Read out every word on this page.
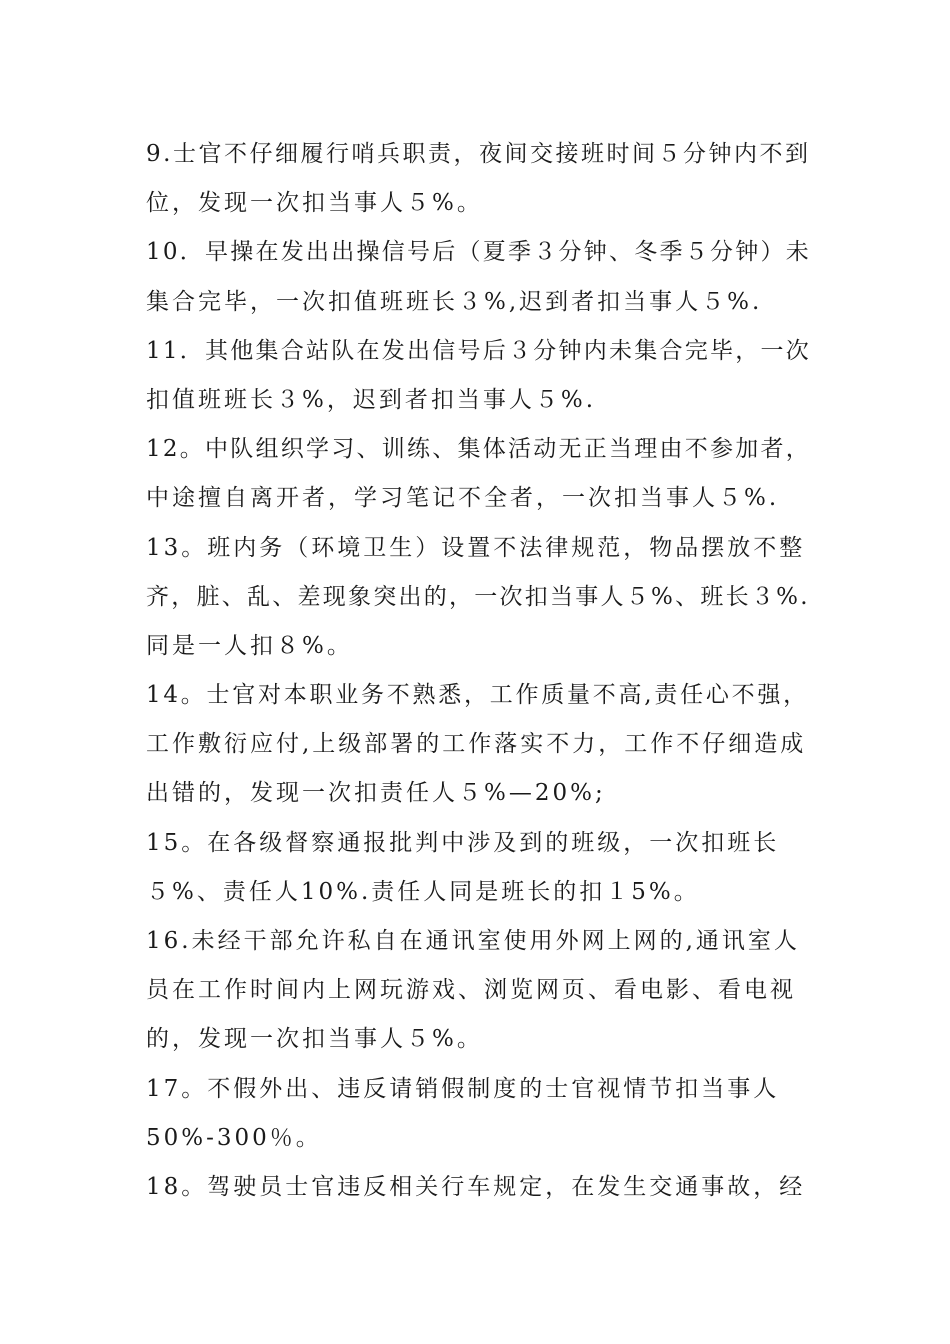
9.士官不仔细履行哨兵职责，夜间交接班时间５分钟内不到
位，发现一次扣当事人５%。
10．早操在发出出操信号后（夏季３分钟、冬季５分钟）未
集合完毕，一次扣值班班长３%,迟到者扣当事人５%.
11．其他集合站队在发出信号后３分钟内未集合完毕，一次
扣值班班长３%，迟到者扣当事人５%.
12。中队组织学习、训练、集体活动无正当理由不参加者，
中途擅自离开者，学习笔记不全者，一次扣当事人５%.
13。班内务（环境卫生）设置不法律规范，物品摆放不整
齐，脏、乱、差现象突出的，一次扣当事人５%、班长３%.
同是一人扣８%。
14。士官对本职业务不熟悉，工作质量不高,责任心不强，
工作敷衍应付,上级部署的工作落实不力，工作不仔细造成
出错的，发现一次扣责任人５%—20%;
15。在各级督察通报批判中涉及到的班级，一次扣班长
５%、责任人10%.责任人同是班长的扣１5%。
16.未经干部允许私自在通讯室使用外网上网的,通讯室人
员在工作时间内上网玩游戏、浏览网页、看电影、看电视
的，发现一次扣当事人５%。
17。不假外出、违反请销假制度的士官视情节扣当事人
50%-300％。
18。驾驶员士官违反相关行车规定，在发生交通事故，经
